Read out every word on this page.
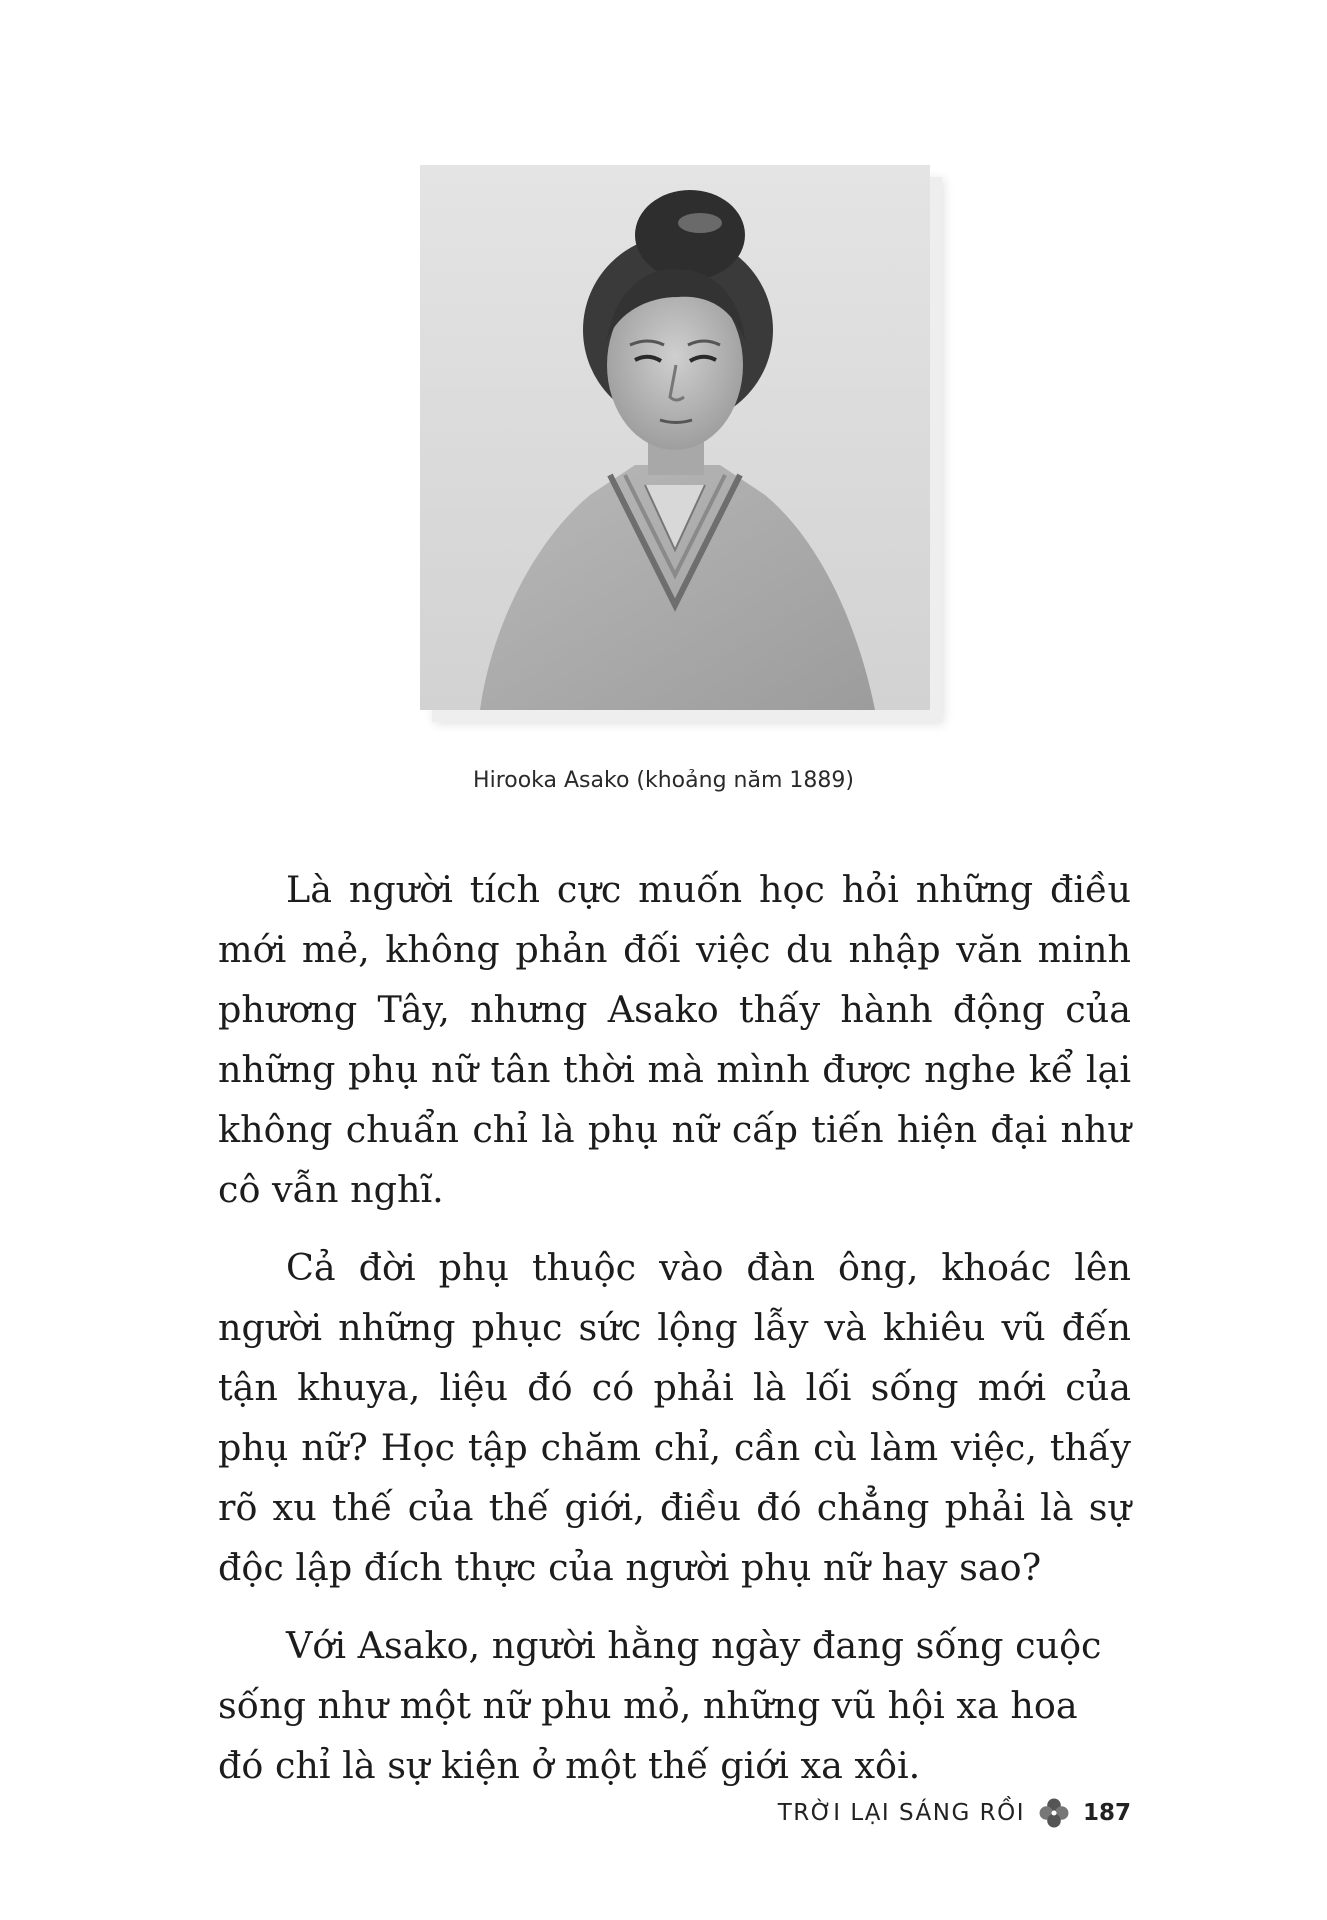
Hirooka Asako (khoảng năm 1889)

Là người tích cực muốn học hỏi những điều mới mẻ, không phản đối việc du nhập văn minh phương Tây, nhưng Asako thấy hành động của những phụ nữ tân thời mà mình được nghe kể lại không chuẩn chỉ là phụ nữ cấp tiến hiện đại như cô vẫn nghĩ.

Cả đời phụ thuộc vào đàn ông, khoác lên người những phục sức lộng lẫy và khiêu vũ đến tận khuya, liệu đó có phải là lối sống mới của phụ nữ? Học tập chăm chỉ, cần cù làm việc, thấy rõ xu thế của thế giới, điều đó chẳng phải là sự độc lập đích thực của người phụ nữ hay sao?

Với Asako, người hằng ngày đang sống cuộc sống như một nữ phu mỏ, những vũ hội xa hoa đó chỉ là sự kiện ở một thế giới xa xôi.

TRỜI LẠI SÁNG RỒI	187
